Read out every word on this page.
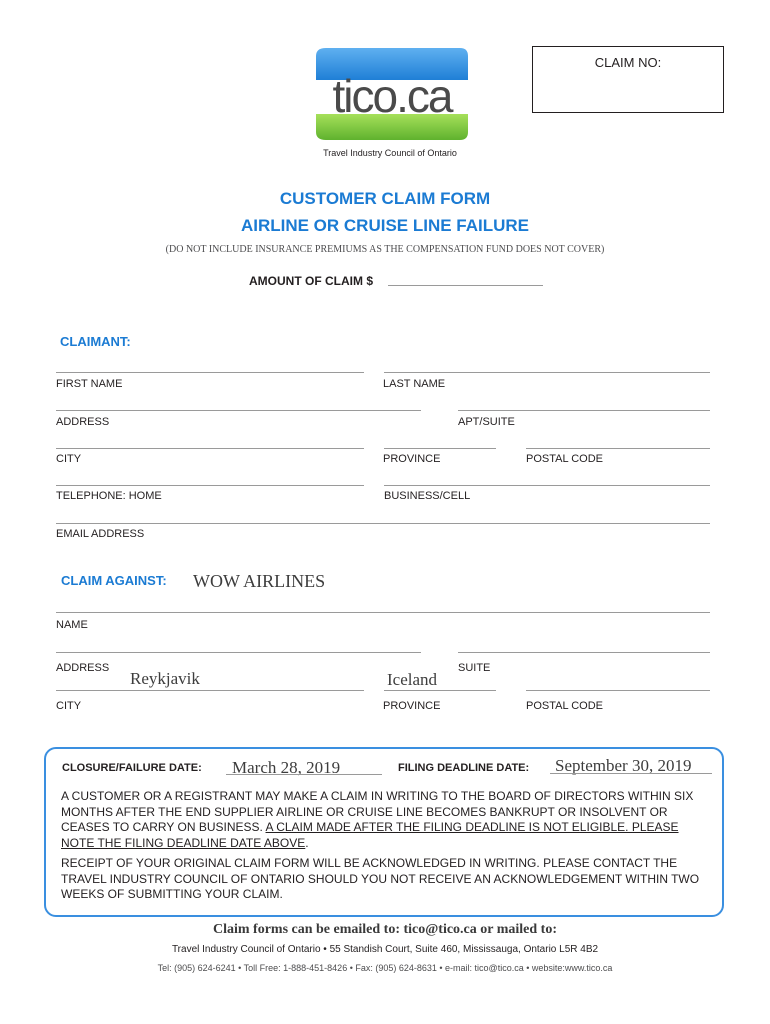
tico.ca
Travel Industry Council of Ontario
CLAIM NO:
CUSTOMER CLAIM FORM
AIRLINE OR CRUISE LINE FAILURE
(DO NOT INCLUDE INSURANCE PREMIUMS AS THE COMPENSATION FUND DOES NOT COVER)
AMOUNT OF CLAIM $
CLAIMANT:
FIRST NAME	LAST NAME
ADDRESS	APT/SUITE
CITY	PROVINCE	POSTAL CODE
TELEPHONE: HOME	BUSINESS/CELL
EMAIL ADDRESS
CLAIM AGAINST: WOW AIRLINES
NAME
ADDRESS	SUITE
Reykjavik	Iceland
CITY	PROVINCE	POSTAL CODE
CLOSURE/FAILURE DATE: March 28, 2019	FILING DEADLINE DATE: September 30, 2019
A CUSTOMER OR A REGISTRANT MAY MAKE A CLAIM IN WRITING TO THE BOARD OF DIRECTORS WITHIN SIX MONTHS AFTER THE END SUPPLIER AIRLINE OR CRUISE LINE BECOMES BANKRUPT OR INSOLVENT OR CEASES TO CARRY ON BUSINESS. A CLAIM MADE AFTER THE FILING DEADLINE IS NOT ELIGIBLE. PLEASE NOTE THE FILING DEADLINE DATE ABOVE.
RECEIPT OF YOUR ORIGINAL CLAIM FORM WILL BE ACKNOWLEDGED IN WRITING. PLEASE CONTACT THE TRAVEL INDUSTRY COUNCIL OF ONTARIO SHOULD YOU NOT RECEIVE AN ACKNOWLEDGEMENT WITHIN TWO WEEKS OF SUBMITTING YOUR CLAIM.
Claim forms can be emailed to: tico@tico.ca or mailed to:
Travel Industry Council of Ontario • 55 Standish Court, Suite 460, Mississauga, Ontario L5R 4B2
Tel: (905) 624-6241 • Toll Free: 1-888-451-8426 • Fax: (905) 624-8631 • e-mail: tico@tico.ca • website:www.tico.ca
